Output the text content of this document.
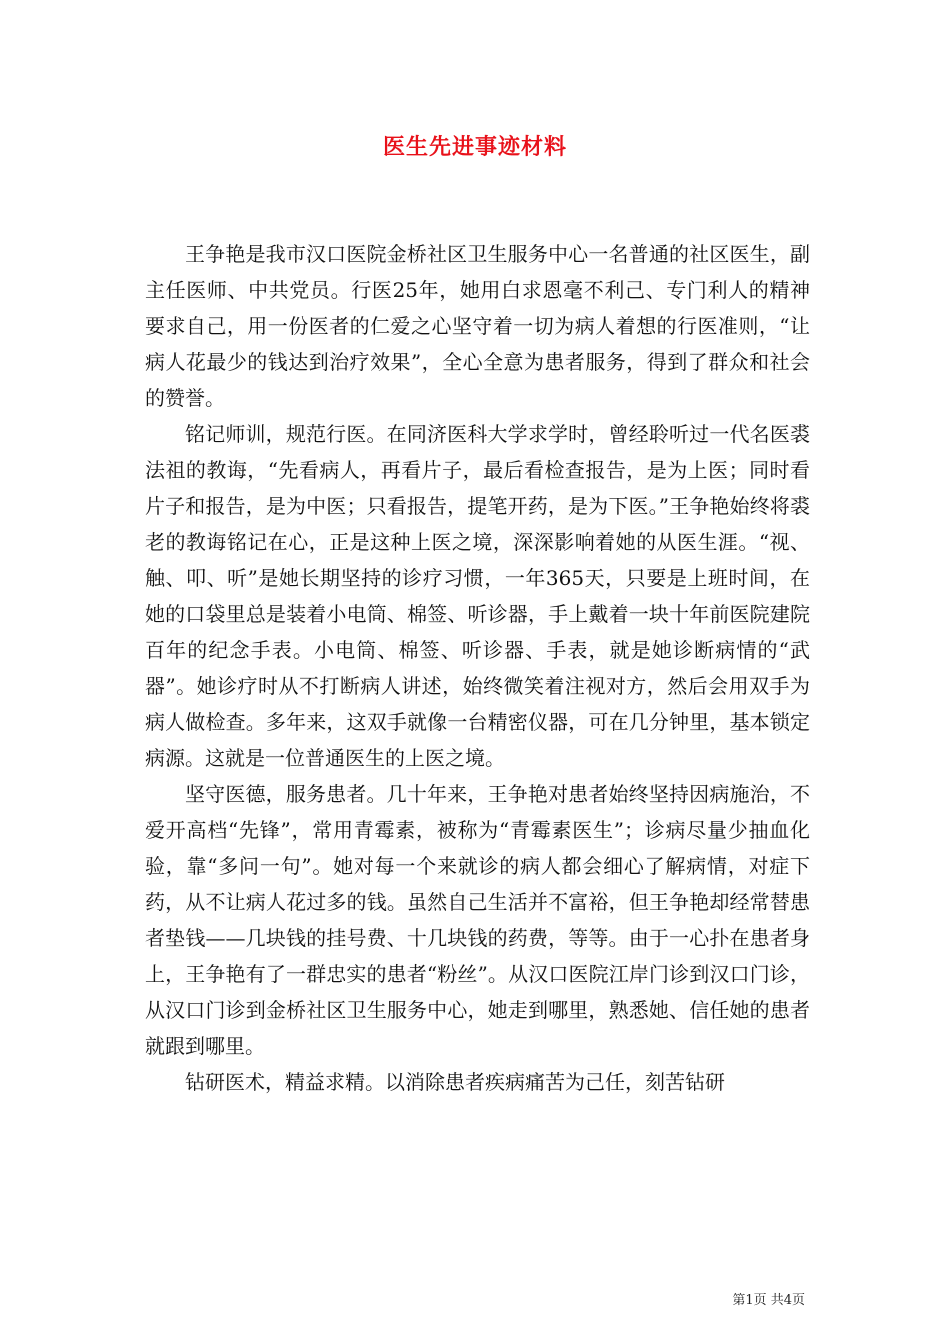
医生先进事迹材料

王争艳是我市汉口医院金桥社区卫生服务中心一名普通的社区医生，副主任医师、中共党员。行医25年，她用白求恩毫不利己、专门利人的精神要求自己，用一份医者的仁爱之心坚守着一切为病人着想的行医准则，“让病人花最少的钱达到治疗效果”，全心全意为患者服务，得到了群众和社会的赞誉。

铭记师训，规范行医。在同济医科大学求学时，曾经聆听过一代名医裘法祖的教诲，“先看病人，再看片子，最后看检查报告，是为上医；同时看片子和报告，是为中医；只看报告，提笔开药，是为下医。”王争艳始终将裘老的教诲铭记在心，正是这种上医之境，深深影响着她的从医生涯。“视、触、叩、听”是她长期坚持的诊疗习惯，一年365天，只要是上班时间，在她的口袋里总是装着小电筒、棉签、听诊器，手上戴着一块十年前医院建院百年的纪念手表。小电筒、棉签、听诊器、手表，就是她诊断病情的“武器”。她诊疗时从不打断病人讲述，始终微笑着注视对方，然后会用双手为病人做检查。多年来，这双手就像一台精密仪器，可在几分钟里，基本锁定病源。这就是一位普通医生的上医之境。

坚守医德，服务患者。几十年来，王争艳对患者始终坚持因病施治，不爱开高档“先锋”，常用青霉素，被称为“青霉素医生”；诊病尽量少抽血化验，靠“多问一句”。她对每一个来就诊的病人都会细心了解病情，对症下药，从不让病人花过多的钱。虽然自己生活并不富裕，但王争艳却经常替患者垫钱——几块钱的挂号费、十几块钱的药费，等等。由于一心扑在患者身上，王争艳有了一群忠实的患者“粉丝”。从汉口医院江岸门诊到汉口门诊，从汉口门诊到金桥社区卫生服务中心，她走到哪里，熟悉她、信任她的患者就跟到哪里。

钻研医术，精益求精。以消除患者疾病痛苦为己任，刻苦钻研

第1页 共4页
